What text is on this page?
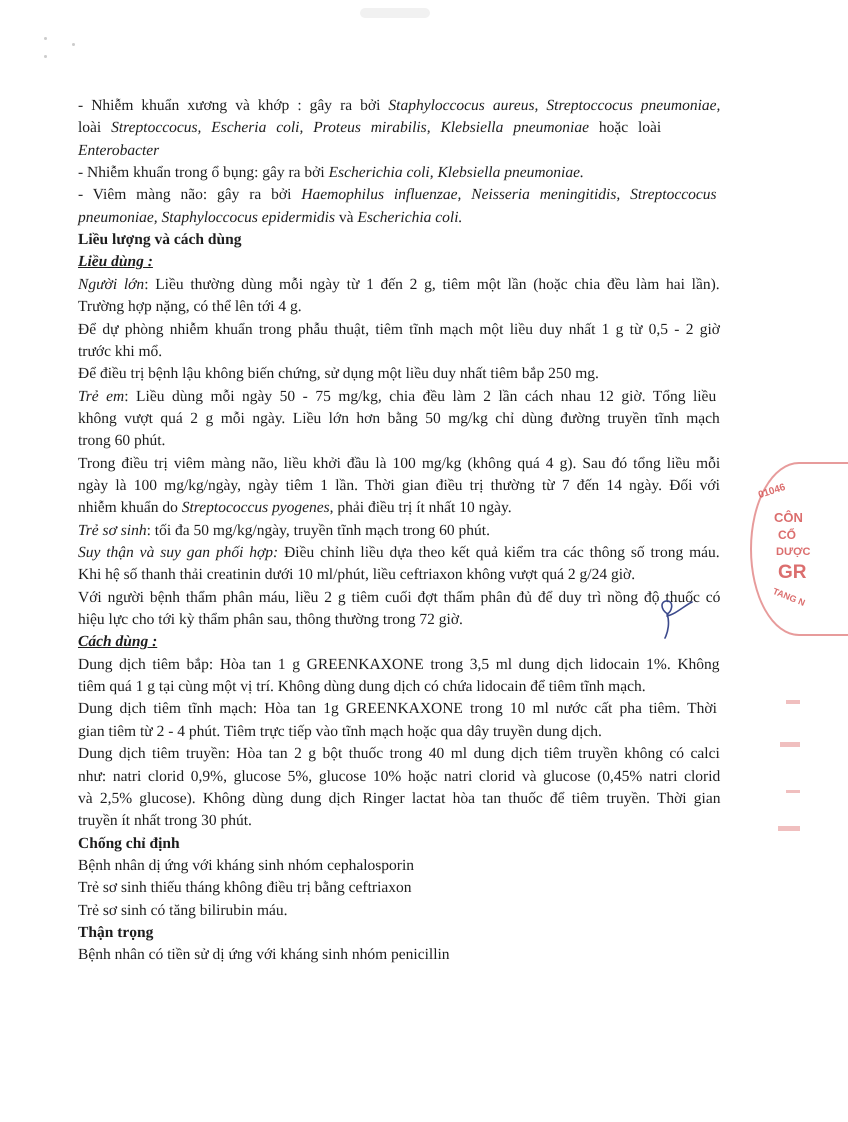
- Nhiễm khuẩn xương và khớp : gây ra bởi Staphyloccocus aureus, Streptoccocus pneumoniae,
loài Streptoccocus, Escheria coli, Proteus mirabilis, Klebsiella pneumoniae hoặc loài
Enterobacter
- Nhiễm khuẩn trong ổ bụng: gây ra bởi Escherichia coli, Klebsiella pneumoniae.
- Viêm màng não: gây ra bởi Haemophilus influenzae, Neisseria meningitidis, Streptoccocus
pneumoniae, Staphyloccocus epidermidis và Escherichia coli.
Liều lượng và cách dùng
Liều dùng :
Người lớn: Liều thường dùng mỗi ngày từ 1 đến 2 g, tiêm một lần (hoặc chia đều làm hai lần).
Trường hợp nặng, có thể lên tới 4 g.
Để dự phòng nhiễm khuẩn trong phẫu thuật, tiêm tĩnh mạch một liều duy nhất 1 g từ 0,5 - 2 giờ
trước khi mổ.
Để điều trị bệnh lậu không biến chứng, sử dụng một liều duy nhất tiêm bắp 250 mg.
Trẻ em: Liều dùng mỗi ngày 50 - 75 mg/kg, chia đều làm 2 lần cách nhau 12 giờ. Tổng liều
không vượt quá 2 g mỗi ngày. Liều lớn hơn bằng 50 mg/kg chỉ dùng đường truyền tĩnh mạch
trong 60 phút.
Trong điều trị viêm màng não, liều khởi đầu là 100 mg/kg (không quá 4 g). Sau đó tổng liều mỗi
ngày là 100 mg/kg/ngày, ngày tiêm 1 lần. Thời gian điều trị thường từ 7 đến 14 ngày. Đối với
nhiễm khuẩn do Streptococcus pyogenes, phải điều trị ít nhất 10 ngày.
Trẻ sơ sinh: tối đa 50 mg/kg/ngày, truyền tĩnh mạch trong 60 phút.
Suy thận và suy gan phối hợp: Điều chỉnh liều dựa theo kết quả kiểm tra các thông số trong máu.
Khi hệ số thanh thải creatinin dưới 10 ml/phút, liều ceftriaxon không vượt quá 2 g/24 giờ.
Với người bệnh thẩm phân máu, liều 2 g tiêm cuối đợt thẩm phân đủ để duy trì nồng độ thuốc có
hiệu lực cho tới kỳ thẩm phân sau, thông thường trong 72 giờ.
Cách dùng :
Dung dịch tiêm bắp: Hòa tan 1 g GREENKAXONE trong 3,5 ml dung dịch lidocain 1%. Không
tiêm quá 1 g tại cùng một vị trí. Không dùng dung dịch có chứa lidocain để tiêm tĩnh mạch.
Dung dịch tiêm tĩnh mạch: Hòa tan 1g GREENKAXONE trong 10 ml nước cất pha tiêm. Thời
gian tiêm từ 2 - 4 phút. Tiêm trực tiếp vào tĩnh mạch hoặc qua dây truyền dung dịch.
Dung dịch tiêm truyền: Hòa tan 2 g bột thuốc trong 40 ml dung dịch tiêm truyền không có calci
như: natri clorid 0,9%, glucose 5%, glucose 10% hoặc natri clorid và glucose (0,45% natri clorid
và 2,5% glucose). Không dùng dung dịch Ringer lactat hòa tan thuốc để tiêm truyền. Thời gian
truyền ít nhất trong 30 phút.
Chống chỉ định
Bệnh nhân dị ứng với kháng sinh nhóm cephalosporin
Trẻ sơ sinh thiếu tháng không điều trị bằng ceftriaxon
Trẻ sơ sinh có tăng bilirubin máu.
Thận trọng
Bệnh nhân có tiền sử dị ứng với kháng sinh nhóm penicillin
01046
CÔN
CỔ
DƯỢC
GR
TANG N
